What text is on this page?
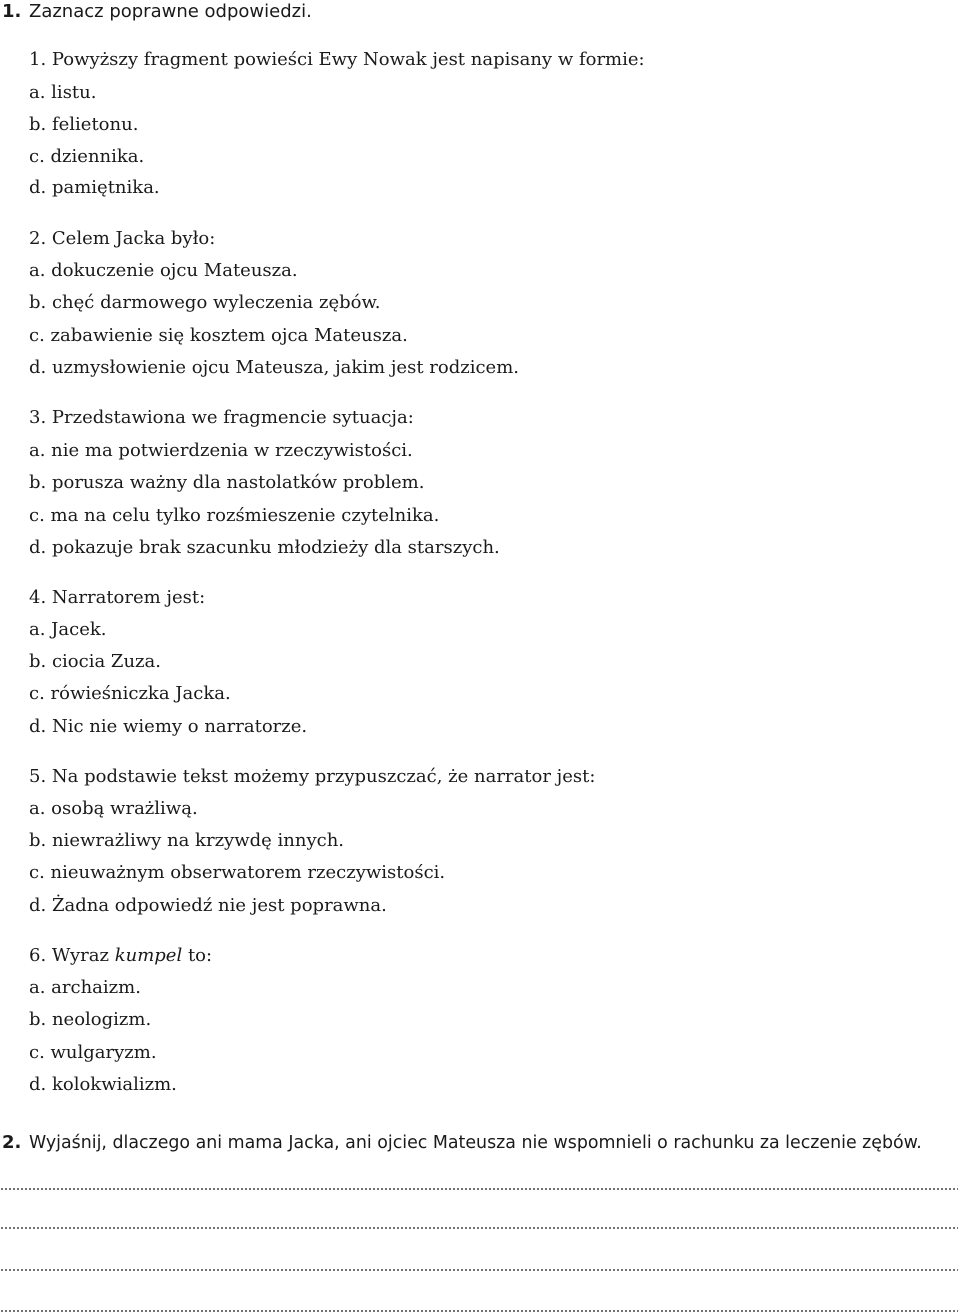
1. Zaznacz poprawne odpowiedzi.
1. Powyższy fragment powieści Ewy Nowak jest napisany w formie:
a. listu.
b. felietonu.
c. dziennika.
d. pamiętnika.
2. Celem Jacka było:
a. dokuczenie ojcu Mateusza.
b. chęć darmowego wyleczenia zębów.
c. zabawienie się kosztem ojca Mateusza.
d. uzmysłowienie ojcu Mateusza, jakim jest rodzicem.
3. Przedstawiona we fragmencie sytuacja:
a. nie ma potwierdzenia w rzeczywistości.
b. porusza ważny dla nastolatków problem.
c. ma na celu tylko rozśmieszenie czytelnika.
d. pokazuje brak szacunku młodzieży dla starszych.
4. Narratorem jest:
a. Jacek.
b. ciocia Zuza.
c. rówieśniczka Jacka.
d. Nic nie wiemy o narratorze.
5. Na podstawie tekst możemy przypuszczać, że narrator jest:
a. osobą wrażliwą.
b. niewrażliwy na krzywdę innych.
c. nieuważnym obserwatorem rzeczywistości.
d. Żadna odpowiedź nie jest poprawna.
6. Wyraz kumpel to:
a. archaizm.
b. neologizm.
c. wulgaryzm.
d. kolokwializm.
2. Wyjaśnij, dlaczego ani mama Jacka, ani ojciec Mateusza nie wspomnieli o rachunku za leczenie zębów.
